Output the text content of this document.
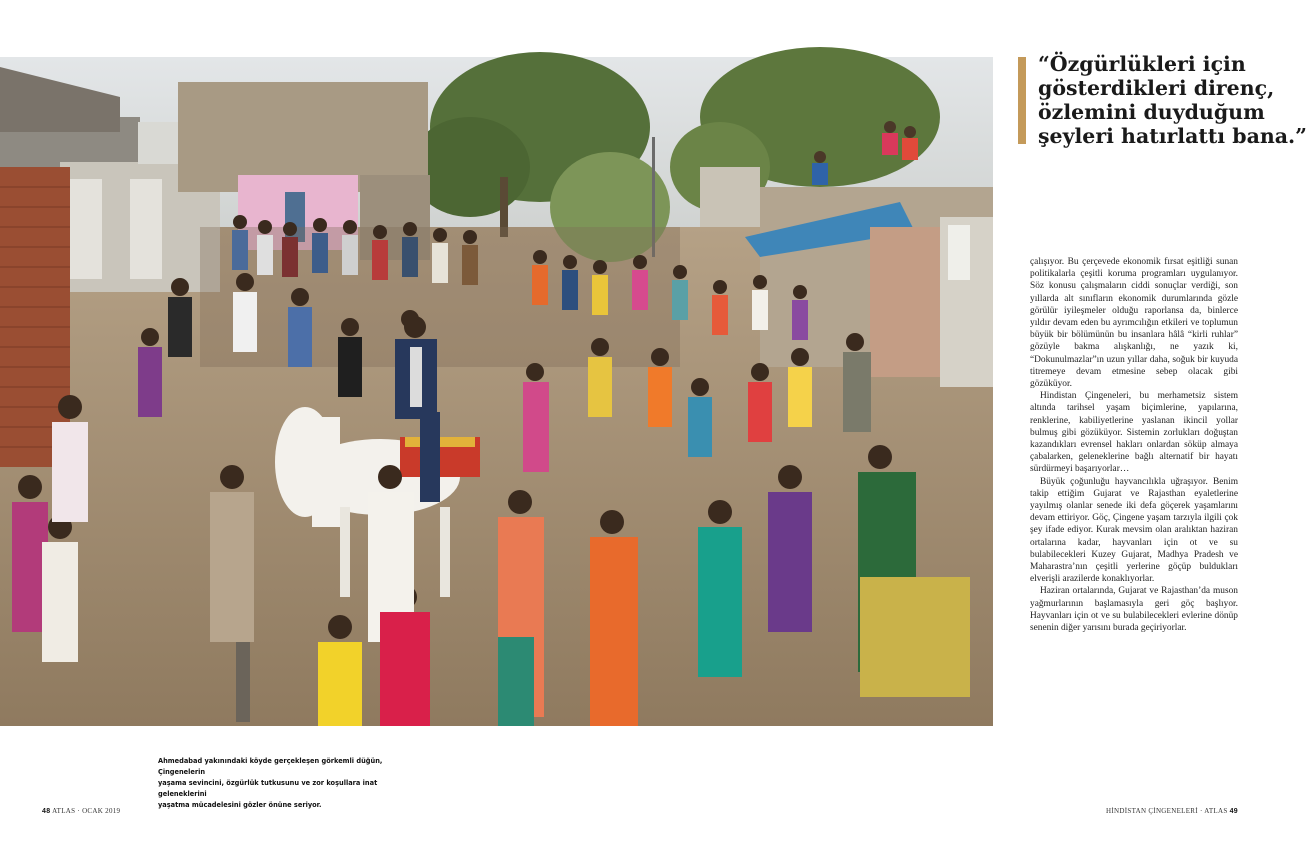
“Özgürlükleri için
gösterdikleri direnç,
özlemini duyduğum
şeyleri hatırlattı bana.”

çalışıyor. Bu çerçevede ekonomik fırsat eşitliği sunan politikalarla çeşitli koruma programları uygulanıyor. Söz konusu çalışmaların ciddi sonuçlar verdiği, son yıllarda alt sınıfların ekonomik durumlarında gözle görülür iyileşmeler olduğu raporlansa da, binlerce yıldır devam eden bu ayrımcılığın etkileri ve toplumun büyük bir bölümünün bu insanlara hâlâ “kirli ruhlar” gözüyle bakma alışkanlığı, ne yazık ki, “Dokunulmazlar”ın uzun yıllar daha, soğuk bir kuyuda titremeye devam etmesine sebep olacak gibi gözüküyor.

Hindistan Çingeneleri, bu merhametsiz sistem altında tarihsel yaşam biçimlerine, yapılarına, renklerine, kabiliyetlerine yaslanan ikincil yollar bulmuş gibi gözüküyor. Sistemin zorlukları doğuştan kazandıkları evrensel hakları onlardan söküp almaya çabalarken, geleneklerine bağlı alternatif bir hayatı sürdürmeyi başarıyorlar…

Büyük çoğunluğu hayvancılıkla uğraşıyor. Benim takip ettiğim Gujarat ve Rajasthan eyaletlerine yayılmış olanlar senede iki defa göçerek yaşamlarını devam ettiriyor. Göç, Çingene yaşam tarzıyla ilgili çok şey ifade ediyor. Kurak mevsim olan aralıktan haziran ortalarına kadar, hayvanları için ot ve su bulabilecekleri Kuzey Gujarat, Madhya Pradesh ve Maharastra’nın çeşitli yerlerine göçüp buldukları elverişli arazilerde konaklıyorlar.

Haziran ortalarında, Gujarat ve Rajasthan’da muson yağmurlarının başlamasıyla geri göç başlıyor. Hayvanları için ot ve su bulabilecekleri evlerine dönüp senenin diğer yarısını burada geçiriyorlar.

Ahmedabad yakınındaki köyde gerçekleşen görkemli düğün, Çingenelerin
yaşama sevincini, özgürlük tutkusunu ve zor koşullara inat geleneklerini
yaşatma mücadelesini gözler önüne seriyor.
48 ATLAS · OCAK 2019	HİNDİSTAN ÇİNGENELERİ · ATLAS 49
